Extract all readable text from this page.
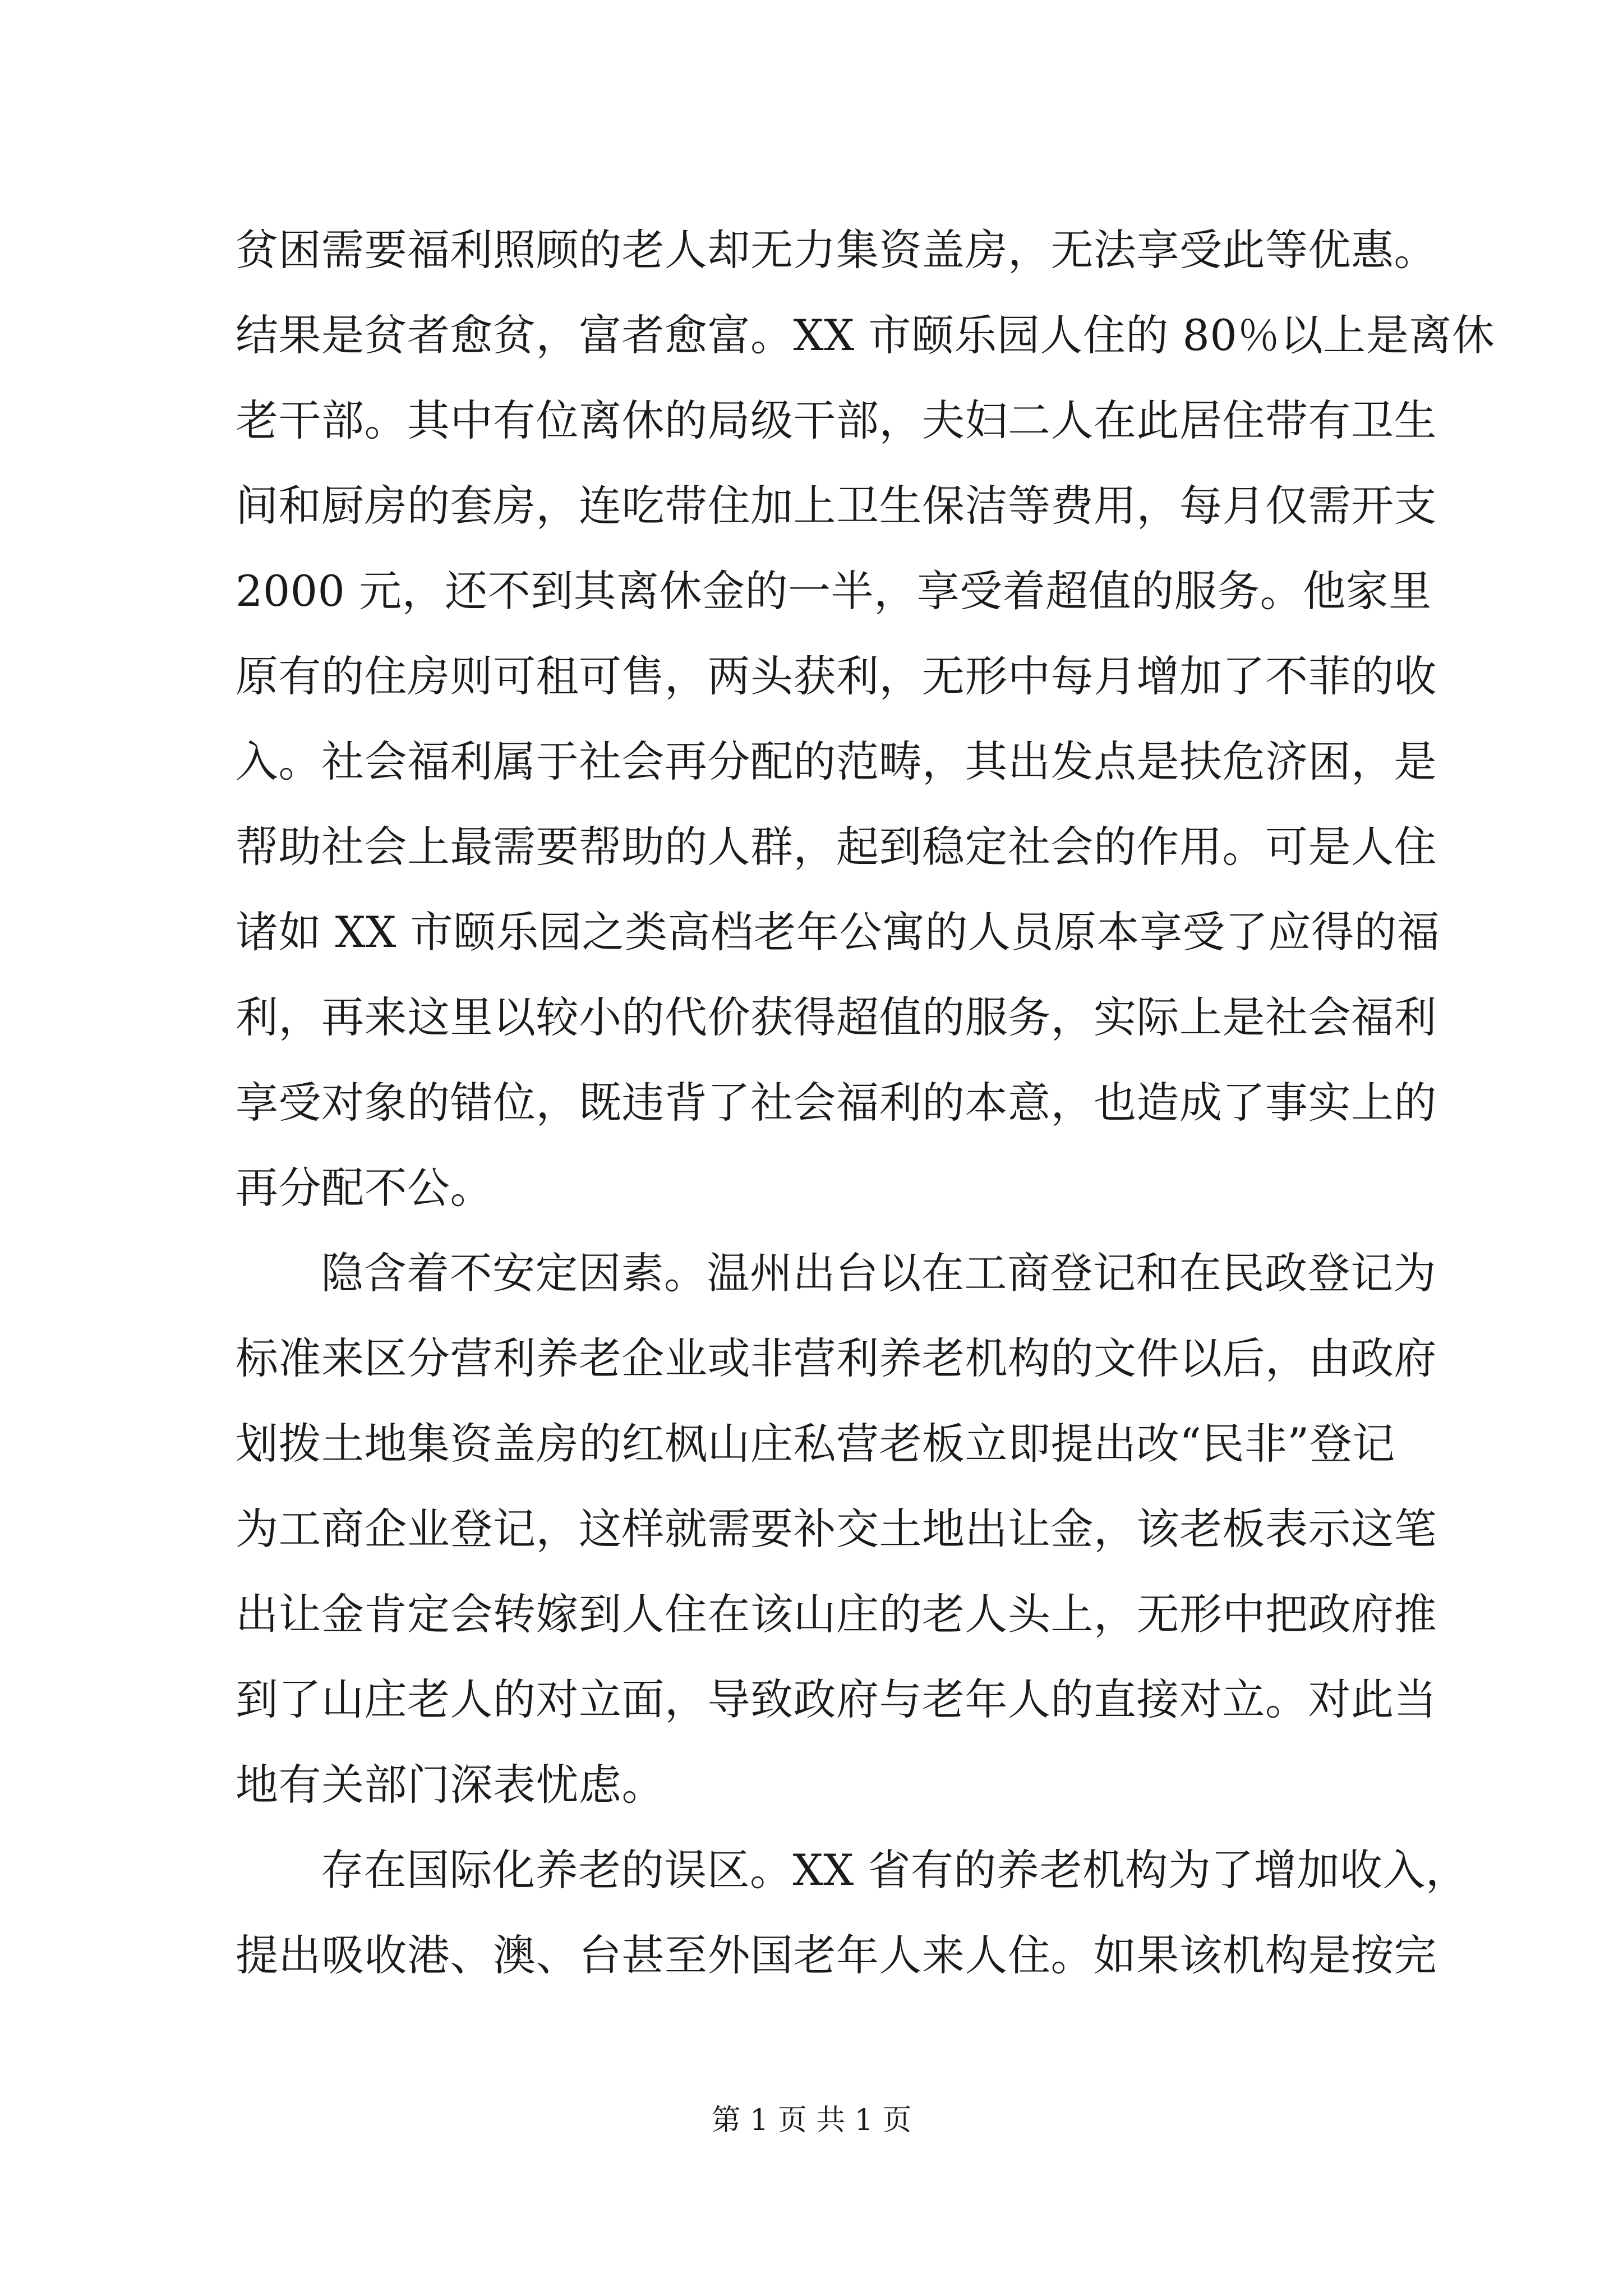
贫困需要福利照顾的老人却无力集资盖房，无法享受此等优惠。
结果是贫者愈贫，富者愈富。XX 市颐乐园人住的 80％以上是离休
老干部。其中有位离休的局级干部，夫妇二人在此居住带有卫生
间和厨房的套房，连吃带住加上卫生保洁等费用，每月仅需开支
2000 元，还不到其离休金的一半，享受着超值的服务。他家里
原有的住房则可租可售，两头获利，无形中每月增加了不菲的收
入。社会福利属于社会再分配的范畴，其出发点是扶危济困，是
帮助社会上最需要帮助的人群，起到稳定社会的作用。可是人住
诸如 XX 市颐乐园之类高档老年公寓的人员原本享受了应得的福
利，再来这里以较小的代价获得超值的服务，实际上是社会福利
享受对象的错位，既违背了社会福利的本意，也造成了事实上的
再分配不公。
隐含着不安定因素。温州出台以在工商登记和在民政登记为
标准来区分营利养老企业或非营利养老机构的文件以后，由政府
划拨土地集资盖房的红枫山庄私营老板立即提出改“民非”登记
为工商企业登记，这样就需要补交土地出让金，该老板表示这笔
出让金肯定会转嫁到人住在该山庄的老人头上，无形中把政府推
到了山庄老人的对立面，导致政府与老年人的直接对立。对此当
地有关部门深表忧虑。
存在国际化养老的误区。XX 省有的养老机构为了增加收入，
提出吸收港、澳、台甚至外国老年人来人住。如果该机构是按完
第 1 页 共 1 页
